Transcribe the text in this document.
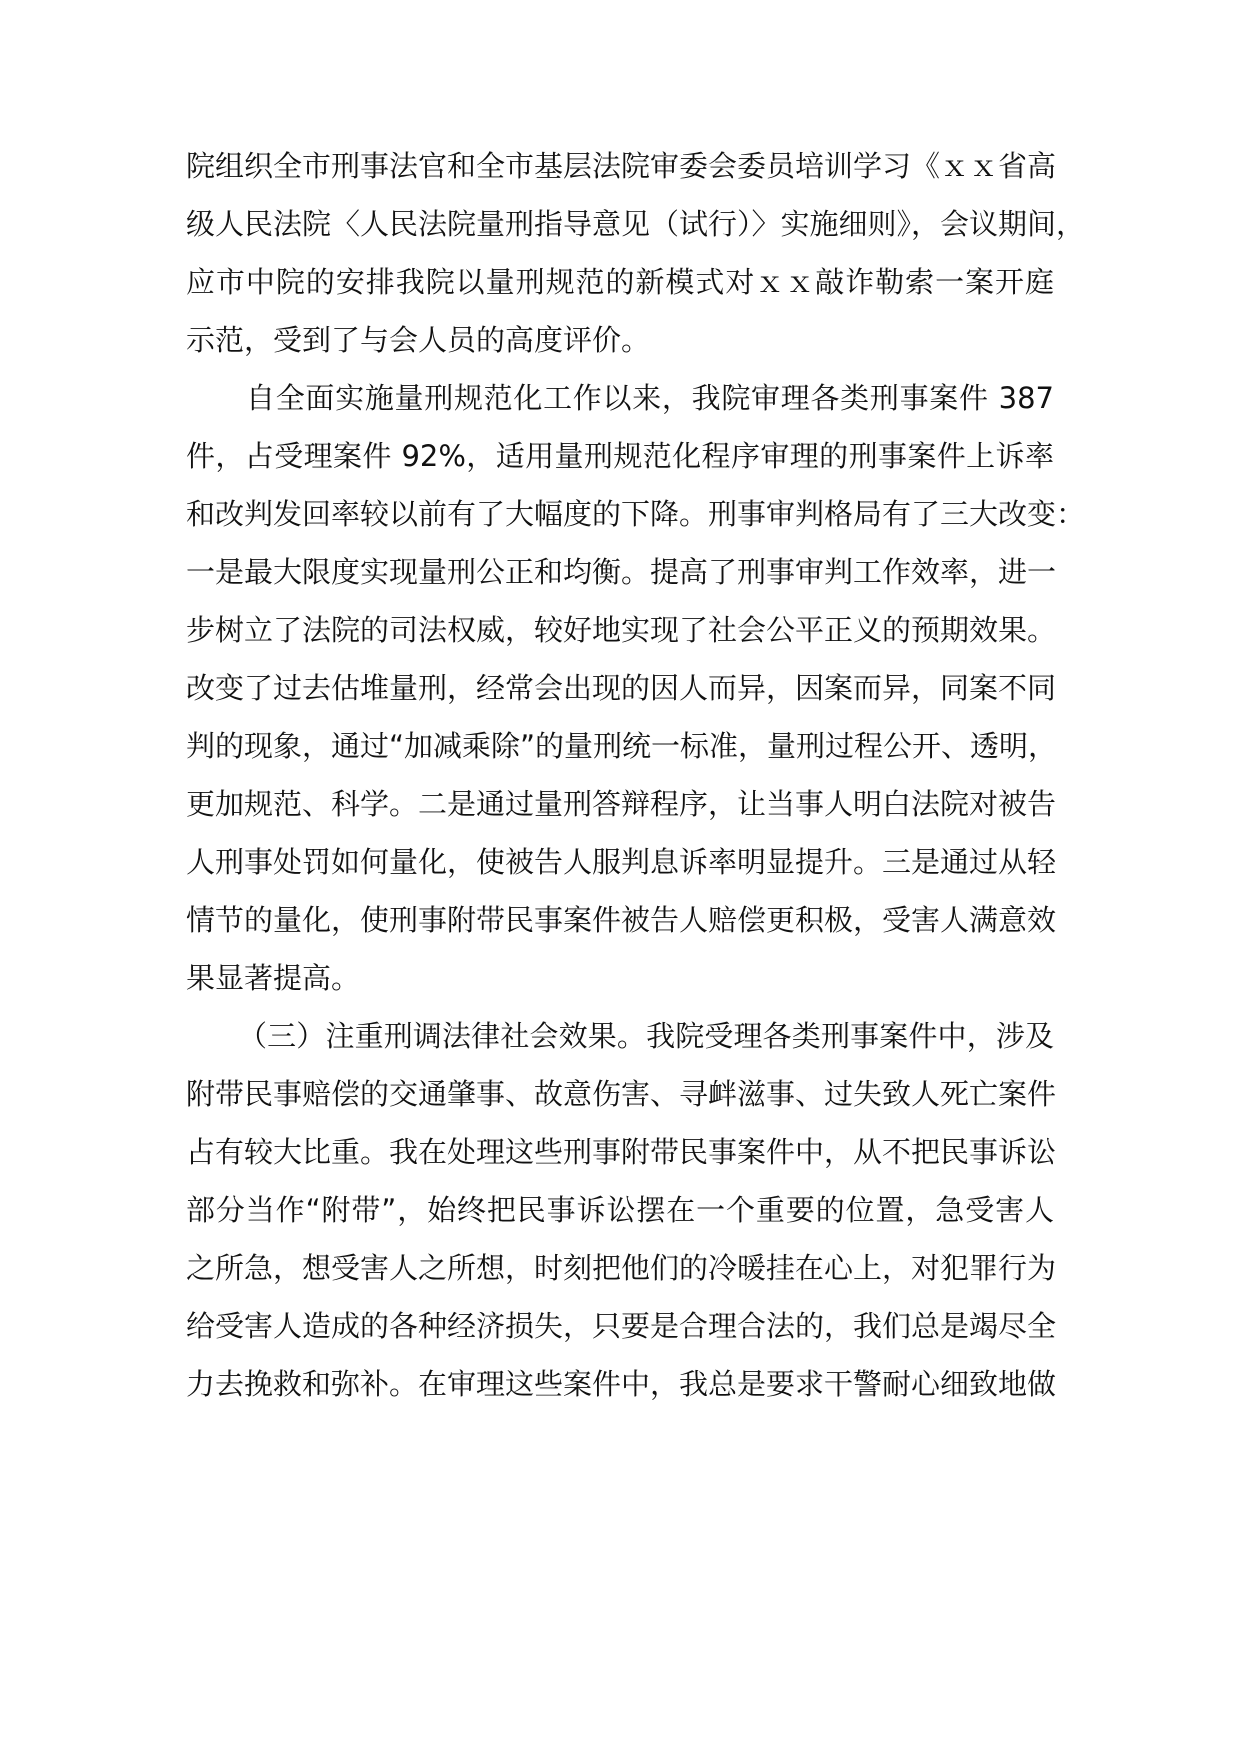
院组织全市刑事法官和全市基层法院审委会委员培训学习《ｘｘ省高
级人民法院〈人民法院量刑指导意见（试行）〉实施细则》，会议期间，
应市中院的安排我院以量刑规范的新模式对ｘｘ敲诈勒索一案开庭
示范，受到了与会人员的高度评价。
自全面实施量刑规范化工作以来，我院审理各类刑事案件 387
件，占受理案件 92%，适用量刑规范化程序审理的刑事案件上诉率
和改判发回率较以前有了大幅度的下降。刑事审判格局有了三大改变：
一是最大限度实现量刑公正和均衡。提高了刑事审判工作效率，进一
步树立了法院的司法权威，较好地实现了社会公平正义的预期效果。
改变了过去估堆量刑，经常会出现的因人而异，因案而异，同案不同
判的现象，通过“加减乘除”的量刑统一标准，量刑过程公开、透明，
更加规范、科学。二是通过量刑答辩程序，让当事人明白法院对被告
人刑事处罚如何量化，使被告人服判息诉率明显提升。三是通过从轻
情节的量化，使刑事附带民事案件被告人赔偿更积极，受害人满意效
果显著提高。
（三）注重刑调法律社会效果。我院受理各类刑事案件中，涉及
附带民事赔偿的交通肇事、故意伤害、寻衅滋事、过失致人死亡案件
占有较大比重。我在处理这些刑事附带民事案件中，从不把民事诉讼
部分当作“附带”，始终把民事诉讼摆在一个重要的位置，急受害人
之所急，想受害人之所想，时刻把他们的冷暖挂在心上，对犯罪行为
给受害人造成的各种经济损失，只要是合理合法的，我们总是竭尽全
力去挽救和弥补。在审理这些案件中，我总是要求干警耐心细致地做
